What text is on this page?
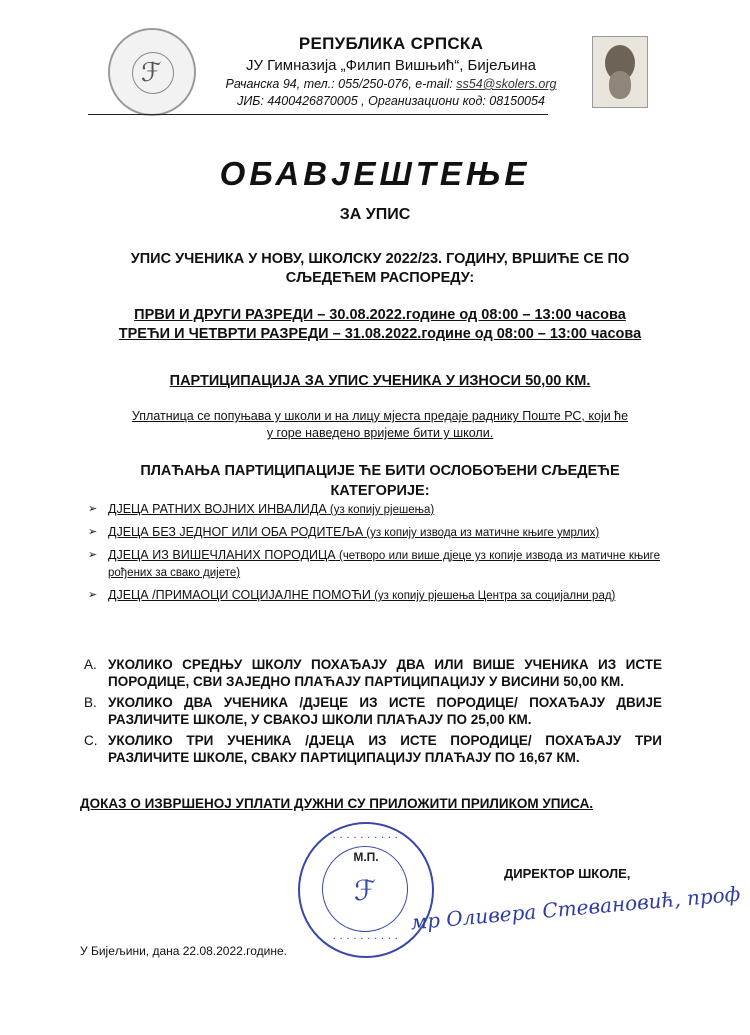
ℱ
РЕПУБЛИКА СРПСКА
ЈУ Гимназија „Филип Вишњић“, Бијељина
Рачанска 94, тел.: 055/250-076, e-mail: ss54@skolers.org
ЈИБ: 4400426870005 , Организациони код: 08150054
ОБАВЈЕШТЕЊЕ
ЗА УПИС
УПИС УЧЕНИКА У НОВУ, ШКОЛСКУ 2022/23. ГОДИНУ, ВРШИЋЕ СЕ ПО
СЉЕДЕЋЕМ РАСПОРЕДУ:
ПРВИ И ДРУГИ РАЗРЕДИ – 30.08.2022.године од 08:00 – 13:00 часова
ТРЕЋИ И ЧЕТВРТИ РАЗРЕДИ – 31.08.2022.године од 08:00 – 13:00 часова
ПАРТИЦИПАЦИЈА ЗА УПИС УЧЕНИКА У ИЗНОСИ 50,00 КМ.
Уплатница се попуњава у школи и на лицу мјеста предаје раднику Поште РС, који ће
у горе наведено вријеме бити у школи.
ПЛАЋАЊА ПАРТИЦИПАЦИЈЕ ЋЕ БИТИ ОСЛОБОЂЕНИ СЉЕДЕЋЕ
КАТЕГОРИЈЕ:
➢ ДЈЕЦА РАТНИХ ВОЈНИХ ИНВАЛИДА (уз копију рјешења)
➢ ДЈЕЦА БЕЗ ЈЕДНОГ ИЛИ ОБА РОДИТЕЉА (уз копију извода из матичне књиге умрлих)
➢ ДЈЕЦА ИЗ ВИШЕЧЛАНИХ ПОРОДИЦА (четворо или више дјеце уз копије извода из матичне књиге рођених за свако дијете)
➢ ДЈЕЦА /ПРИМАОЦИ СОЦИЈАЛНЕ ПОМОЋИ (уз копију рјешења Центра за социјални рад)
А. УКОЛИКО СРЕДЊУ ШКОЛУ ПОХАЂАЈУ ДВА ИЛИ ВИШЕ УЧЕНИКА ИЗ ИСТЕ ПОРОДИЦЕ, СВИ ЗАЈЕДНО ПЛАЋАЈУ ПАРТИЦИПАЦИЈУ У ВИСИНИ 50,00 КМ.
В. УКОЛИКО ДВА УЧЕНИКА /ДЈЕЦЕ ИЗ ИСТЕ ПОРОДИЦЕ/ ПОХАЂАЈУ ДВИЈЕ РАЗЛИЧИТЕ ШКОЛЕ, У СВАКОЈ ШКОЛИ ПЛАЋАЈУ ПО 25,00 КМ.
С. УКОЛИКО ТРИ УЧЕНИКА /ДЈЕЦА ИЗ ИСТЕ ПОРОДИЦЕ/ ПОХАЂАЈУ ТРИ РАЗЛИЧИТЕ ШКОЛЕ, СВАКУ ПАРТИЦИПАЦИЈУ ПЛАЋАЈУ ПО 16,67 КМ.
ДОКАЗ О ИЗВРШЕНОЈ УПЛАТИ ДУЖНИ СУ ПРИЛОЖИТИ ПРИЛИКОМ УПИСА.
· · · · · · · · · ·
М.П.
ℱ
· · · · · · · · · ·
ДИРЕКТОР ШКОЛЕ,
мр Оливера Стевановић, проф
У Бијељини, дана 22.08.2022.године.
